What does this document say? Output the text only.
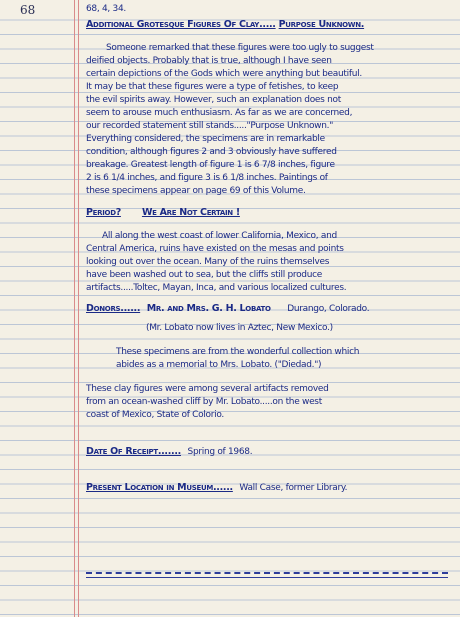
68	68, 4, 34.
Additional Grotesque Figures Of Clay..... Purpose Unknown.
Someone remarked that these figures were too ugly to suggest
deified objects. Probably that is true, although I have seen
certain depictions of the Gods which were anything but beautiful.
It may be that these figures were a type of fetishes, to keep
the evil spirits away. However, such an explanation does not
seem to arouse much enthusiasm. As far as we are concerned,
our recorded statement still stands....."Purpose Unknown."
Everything considered, the specimens are in remarkable
condition, although figures 2 and 3 obviously have suffered
breakage. Greatest length of figure 1 is 6 7/8 inches, figure
2 is 6 1/4 inches, and figure 3 is 6 1/8 inches. Paintings of
these specimens appear on page 69 of this Volume.
Period? We Are Not Certain !
All along the west coast of lower California, Mexico, and
Central America, ruins have existed on the mesas and points
looking out over the ocean. Many of the ruins themselves
have been washed out to sea, but the cliffs still produce
artifacts.....Toltec, Mayan, Inca, and various localized cultures.
Donors...... Mr. and Mrs. G. H. Lobato Durango, Colorado.
(Mr. Lobato now lives in Aztec, New Mexico.)
These specimens are from the wonderful collection which
abides as a memorial to Mrs. Lobato. ("Diedad.")
These clay figures were among several artifacts removed
from an ocean-washed cliff by Mr. Lobato.....on the west
coast of Mexico, State of Colorio.
Date Of Receipt....... Spring of 1968.
Present Location in Museum...... Wall Case, former Library.
